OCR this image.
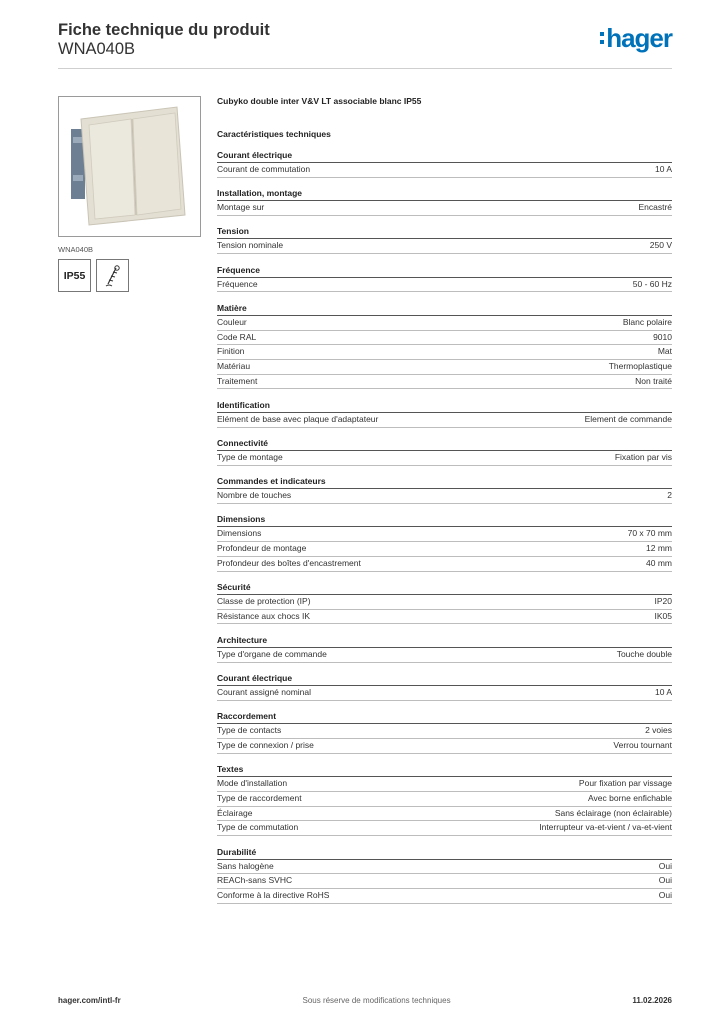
Fiche technique du produit
WNA040B	hager
WNA040B
IP55
Cubyko double inter V&V LT associable blanc IP55
Caractéristiques techniques
Courant électrique
Courant de commutation	10 A
Installation, montage
Montage sur	Encastré
Tension
Tension nominale	250 V
Fréquence
Fréquence	50 - 60 Hz
Matière
Couleur	Blanc polaire
Code RAL	9010
Finition	Mat
Matériau	Thermoplastique
Traitement	Non traité
Identification
Elément de base avec plaque d'adaptateur	Element de commande
Connectivité
Type de montage	Fixation par vis
Commandes et indicateurs
Nombre de touches	2
Dimensions
Dimensions	70 x 70 mm
Profondeur de montage	12 mm
Profondeur des boîtes d'encastrement	40 mm
Sécurité
Classe de protection (IP)	IP20
Résistance aux chocs IK	IK05
Architecture
Type d'organe de commande	Touche double
Courant électrique
Courant assigné nominal	10 A
Raccordement
Type de contacts	2 voies
Type de connexion / prise	Verrou tournant
Textes
Mode d'installation	Pour fixation par vissage
Type de raccordement	Avec borne enfichable
Éclairage	Sans éclairage (non éclairable)
Type de commutation	Interrupteur va-et-vient / va-et-vient
Durabilité
Sans halogène	Oui
REACh-sans SVHC	Oui
Conforme à la directive RoHS	Oui
hager.com/intl-fr	Sous réserve de modifications techniques	11.02.2026
